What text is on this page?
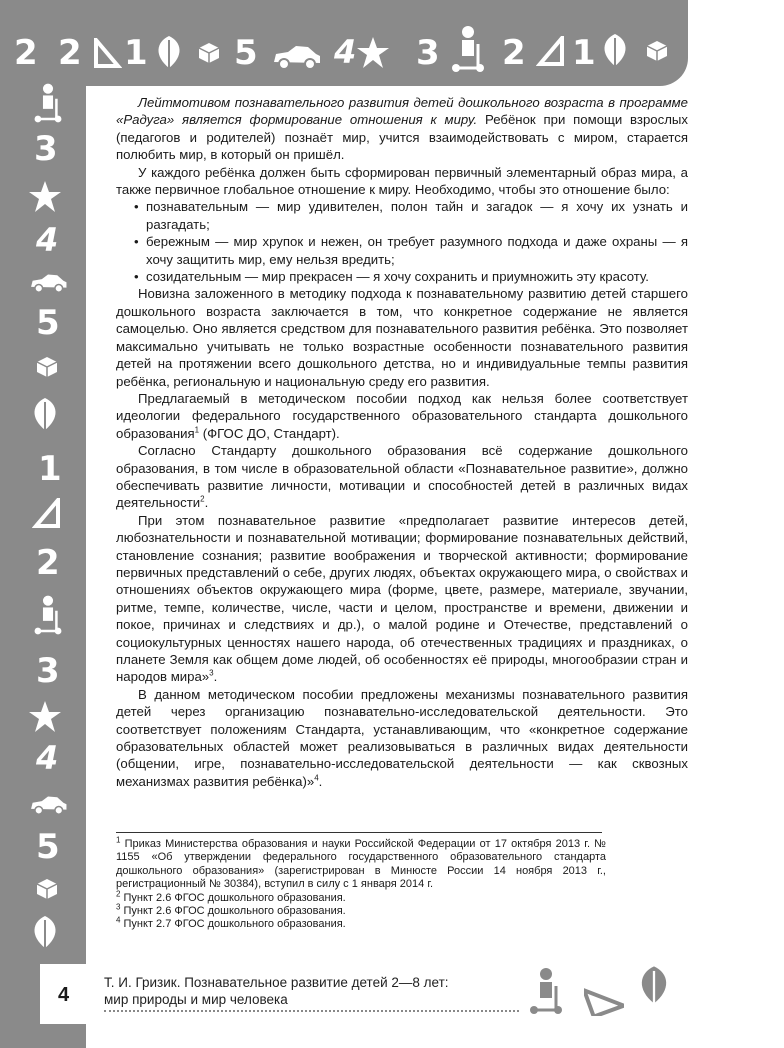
2 1	5 4 3 2 1
2
3
4
5
1
2
3
4
5

Лейтмотивом познавательного развития детей дошкольного возраста в программе «Радуга» является формирование отношения к миру. Ребёнок при помощи взрослых (педагогов и родителей) познаёт мир, учится взаимодействовать с миром, старается полюбить мир, в который он пришёл.

У каждого ребёнка должен быть сформирован первичный элементарный образ мира, а также первичное глобальное отношение к миру. Необходимо, чтобы это отношение было:

• познавательным — мир удивителен, полон тайн и загадок — я хочу их узнать и разгадать;
• бережным — мир хрупок и нежен, он требует разумного подхода и даже охраны — я хочу защитить мир, ему нельзя вредить;
• созидательным — мир прекрасен — я хочу сохранить и приумножить эту красоту.

Новизна заложенного в методику подхода к познавательному развитию детей старшего дошкольного возраста заключается в том, что конкретное содержание не является самоцелью. Оно является средством для познавательного развития ребёнка. Это позволяет максимально учитывать не только возрастные особенности познавательного развития детей на протяжении всего дошкольного детства, но и индивидуальные темпы развития ребёнка, региональную и национальную среду его развития.

Предлагаемый в методическом пособии подход как нельзя более соответствует идеологии федерального государственного образовательного стандарта дошкольного образования$^1$ (ФГОС ДО, Стандарт).

Согласно Стандарту дошкольного образования всё содержание дошкольного образования, в том числе в образовательной области «Познавательное развитие», должно обеспечивать развитие личности, мотивации и способностей детей в различных видах деятельности$^2$.

При этом познавательное развитие «предполагает развитие интересов детей, любознательности и познавательной мотивации; формирование познавательных действий, становление сознания; развитие воображения и творческой активности; формирование первичных представлений о себе, других людях, объектах окружающего мира, о свойствах и отношениях объектов окружающего мира (форме, цвете, размере, материале, звучании, ритме, темпе, количестве, числе, части и целом, пространстве и времени, движении и покое, причинах и следствиях и др.), о малой родине и Отечестве, представлений о социокультурных ценностях нашего народа, об отечественных традициях и праздниках, о планете Земля как общем доме людей, об особенностях её природы, многообразии стран и народов мира»$^3$.

В данном методическом пособии предложены механизмы познавательного развития детей через организацию познавательно-исследовательской деятельности. Это соответствует положениям Стандарта, устанавливающим, что «конкретное содержание образовательных областей может реализовываться в различных видах деятельности (общении, игре, познавательно-исследовательской деятельности — как сквозных механизмах развития ребёнка)»$^4$.

$^1$ Приказ Министерства образования и науки Российской Федерации от 17 октября 2013 г. № 1155 «Об утверждении федерального государственного образовательного стандарта дошкольного образования» (зарегистрирован в Минюсте России 14 ноября 2013 г., регистрационный № 30384), вступил в силу с 1 января 2014 г.

$^2$ Пункт 2.6 ФГОС дошкольного образования.

$^3$ Пункт 2.6 ФГОС дошкольного образования.

$^4$ Пункт 2.7 ФГОС дошкольного образования.

4
Т. И. Гризик. Познавательное развитие детей 2—8 лет:
мир природы и мир человека
